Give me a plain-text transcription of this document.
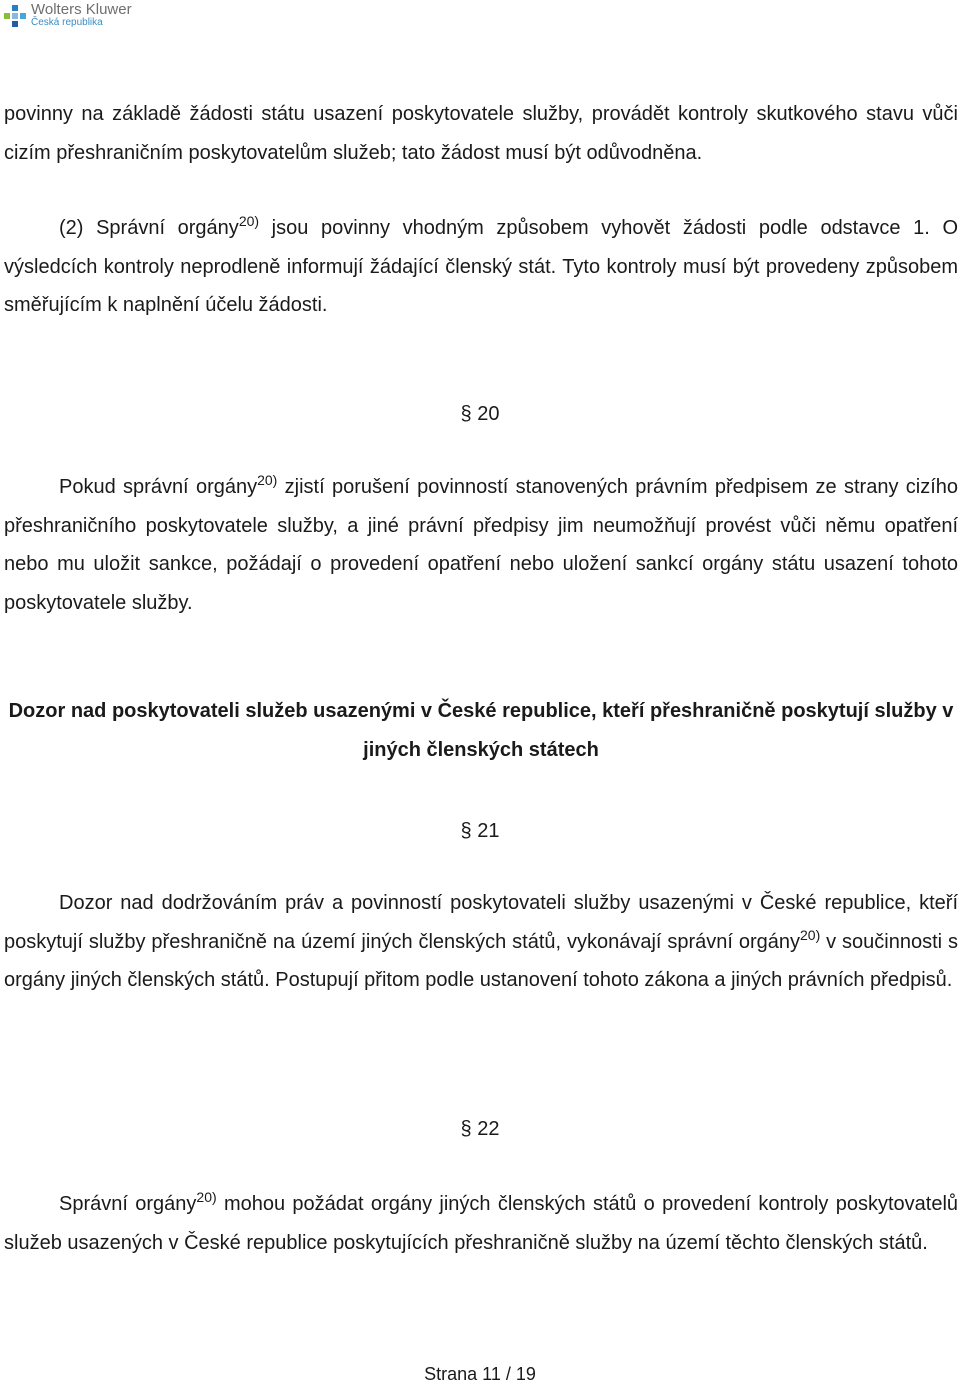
Wolters Kluwer
Česká republika

povinny na základě žádosti státu usazení poskytovatele služby, provádět kontroly skutkového stavu vůči cizím přeshraničním poskytovatelům služeb; tato žádost musí být odůvodněna.

(2) Správní orgány$^{20)}$ jsou povinny vhodným způsobem vyhovět žádosti podle odstavce 1. O výsledcích kontroly neprodleně informují žádající členský stát. Tyto kontroly musí být provedeny způsobem směřujícím k naplnění účelu žádosti.

§ 20

Pokud správní orgány$^{20)}$ zjistí porušení povinností stanovených právním předpisem ze strany cizího přeshraničního poskytovatele služby, a jiné právní předpisy jim neumožňují provést vůči němu opatření nebo mu uložit sankce, požádají o provedení opatření nebo uložení sankcí orgány státu usazení tohoto poskytovatele služby.

Dozor nad poskytovateli služeb usazenými v České republice, kteří přeshraničně poskytují služby v jiných členských státech

§ 21

Dozor nad dodržováním práv a povinností poskytovateli služby usazenými v České republice, kteří poskytují služby přeshraničně na území jiných členských států, vykonávají správní orgány$^{20)}$ v součinnosti s orgány jiných členských států. Postupují přitom podle ustanovení tohoto zákona a jiných právních předpisů.

§ 22

Správní orgány$^{20)}$ mohou požádat orgány jiných členských států o provedení kontroly poskytovatelů služeb usazených v České republice poskytujících přeshraničně služby na území těchto členských států.

Strana 11 / 19
